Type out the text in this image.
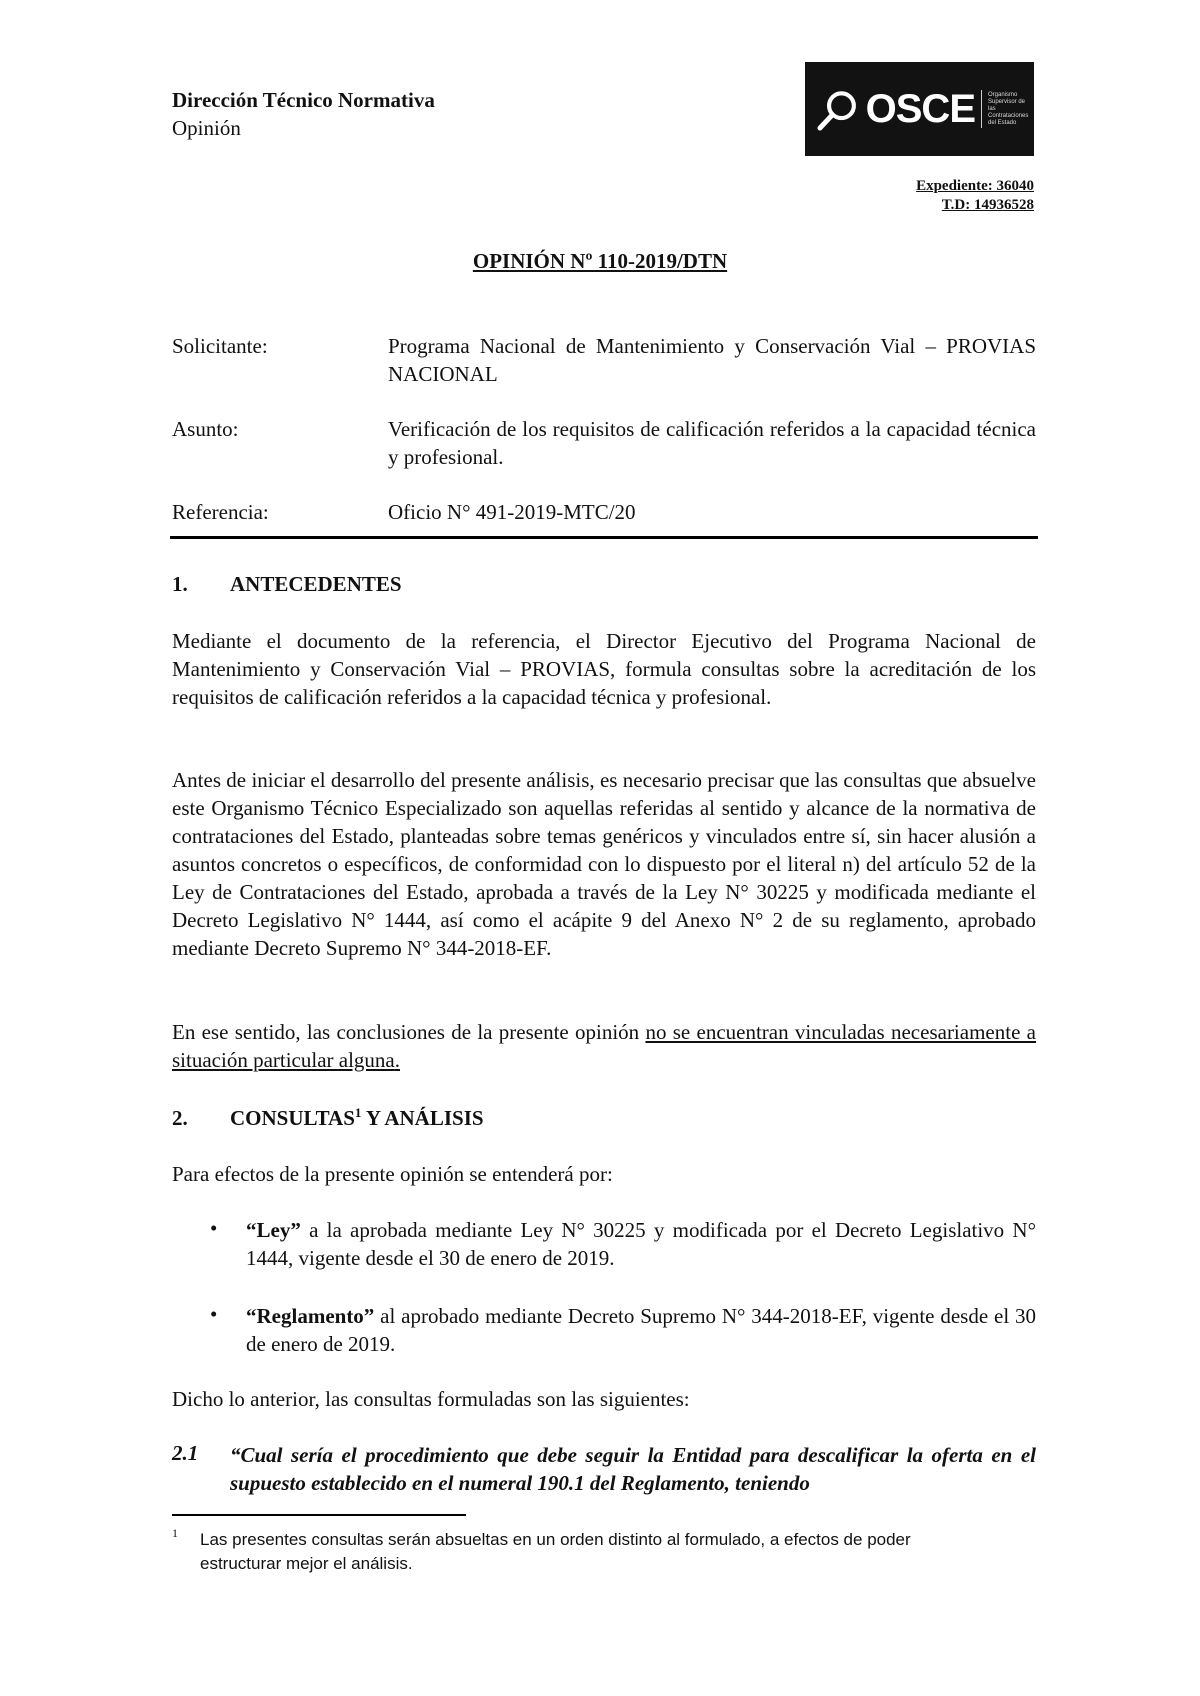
Dirección Técnico Normativa
Opinión	OSCE Organismo Supervisor de las Contrataciones del Estado
Expediente: 36040
T.D: 14936528
OPINIÓN Nº 110-2019/DTN
Solicitante:	Programa Nacional de Mantenimiento y Conservación Vial – PROVIAS NACIONAL
Asunto:	Verificación de los requisitos de calificación referidos a la capacidad técnica y profesional.
Referencia:	Oficio N° 491-2019-MTC/20
1. ANTECEDENTES
Mediante el documento de la referencia, el Director Ejecutivo del Programa Nacional de Mantenimiento y Conservación Vial – PROVIAS, formula consultas sobre la acreditación de los requisitos de calificación referidos a la capacidad técnica y profesional.
Antes de iniciar el desarrollo del presente análisis, es necesario precisar que las consultas que absuelve este Organismo Técnico Especializado son aquellas referidas al sentido y alcance de la normativa de contrataciones del Estado, planteadas sobre temas genéricos y vinculados entre sí, sin hacer alusión a asuntos concretos o específicos, de conformidad con lo dispuesto por el literal n) del artículo 52 de la Ley de Contrataciones del Estado, aprobada a través de la Ley N° 30225 y modificada mediante el Decreto Legislativo N° 1444, así como el acápite 9 del Anexo N° 2 de su reglamento, aprobado mediante Decreto Supremo N° 344-2018-EF.
En ese sentido, las conclusiones de la presente opinión no se encuentran vinculadas necesariamente a situación particular alguna.
2. CONSULTAS$^1$ Y ANÁLISIS
Para efectos de la presente opinión se entenderá por:
• “Ley” a la aprobada mediante Ley N° 30225 y modificada por el Decreto Legislativo N° 1444, vigente desde el 30 de enero de 2019.
• “Reglamento” al aprobado mediante Decreto Supremo N° 344-2018-EF, vigente desde el 30 de enero de 2019.
Dicho lo anterior, las consultas formuladas son las siguientes:
2.1 “Cual sería el procedimiento que debe seguir la Entidad para descalificar la oferta en el supuesto establecido en el numeral 190.1 del Reglamento, teniendo
1 Las presentes consultas serán absueltas en un orden distinto al formulado, a efectos de poder estructurar mejor el análisis.
